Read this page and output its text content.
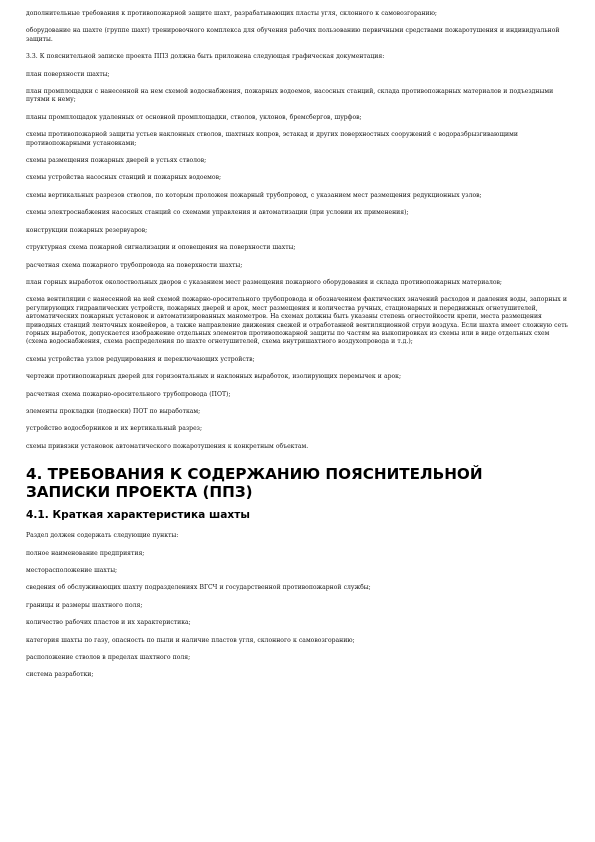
дополнительные требования к противопожарной защите шахт, разрабатывающих пласты угля, склонного к самовозгоранию;

оборудование на шахте (группе шахт) тренировочного комплекса для обучения рабочих пользованию первичными средствами пожаротушения и индивидуальной защиты.

3.3. К пояснительной записке проекта ППЗ должна быть приложена следующая графическая документация:

план поверхности шахты;

план промплощадки с нанесенной на нем схемой водоснабжения, пожарных водоемов, насосных станций, склада противопожарных материалов и подъездными путями к нему;

планы промплощадок удаленных от основной промплощадки, стволов, уклонов, бремсбергов, шурфов;

схемы противопожарной защиты устьев наклонных стволов, шахтных копров, эстакад и других поверхностных сооружений с водоразбрызгивающими противопожарными установками;

схемы размещения пожарных дверей в устьях стволов;

схемы устройства насосных станций и пожарных водоемов;

схемы вертикальных разрезов стволов, по которым проложен пожарный трубопровод, с указанием мест размещения редукционных узлов;

схемы электроснабжения насосных станций со схемами управления и автоматизации (при условии их применения);

конструкции пожарных резервуаров;

структурная схема пожарной сигнализации и оповещения на поверхности шахты;

расчетная схема пожарного трубопровода на поверхности шахты;

план горных выработок околоствольных дворов с указанием мест размещения пожарного оборудования и склада противопожарных материалов;

схема вентиляции с нанесенной на ней схемой пожарно-оросительного трубопровода и обозначением фактических значений расходов и давления воды, запорных и регулирующих гидравлических устройств, пожарных дверей и арок, мест размещения и количества ручных, стационарных и передвижных огнетушителей, автоматических пожарных установок и автоматизированных манометров. На схемах должны быть указаны степень огнестойкости крепи, места размещения приводных станций ленточных конвейеров, а также направление движения свежей и отработанной вентиляционной струи воздуха. Если шахта имеет сложную сеть горных выработок, допускается изображение отдельных элементов противопожарной защиты по частям на выкопировках из схемы или в виде отдельных схем (схема водоснабжения, схема распределения по шахте огнетушителей, схема внутришахтного воздухопровода и т.д.);

схемы устройства узлов редуцирования и переключающих устройств;

чертежи противопожарных дверей для горизонтальных и наклонных выработок, изолирующих перемычек и арок;

расчетная схема пожарно-оросительного трубопровода (ПОТ);

элементы прокладки (подвески) ПОТ по выработкам;

устройство водосборников и их вертикальный разрез;

схемы привязки установок автоматического пожаротушения к конкретным объектам.

4. ТРЕБОВАНИЯ К СОДЕРЖАНИЮ ПОЯСНИТЕЛЬНОЙ ЗАПИСКИ ПРОЕКТА (ППЗ)
4.1. Краткая характеристика шахты

Раздел должен содержать следующие пункты:

полное наименование предприятия;

месторасположение шахты;

сведения об обслуживающих шахту подразделениях ВГСЧ и государственной противопожарной службы;

границы и размеры шахтного поля;

количество рабочих пластов и их характеристика;

категория шахты по газу, опасность по пыли и наличие пластов угля, склонного к самовозгоранию;

расположение стволов в пределах шахтного поля;

система разработки;
